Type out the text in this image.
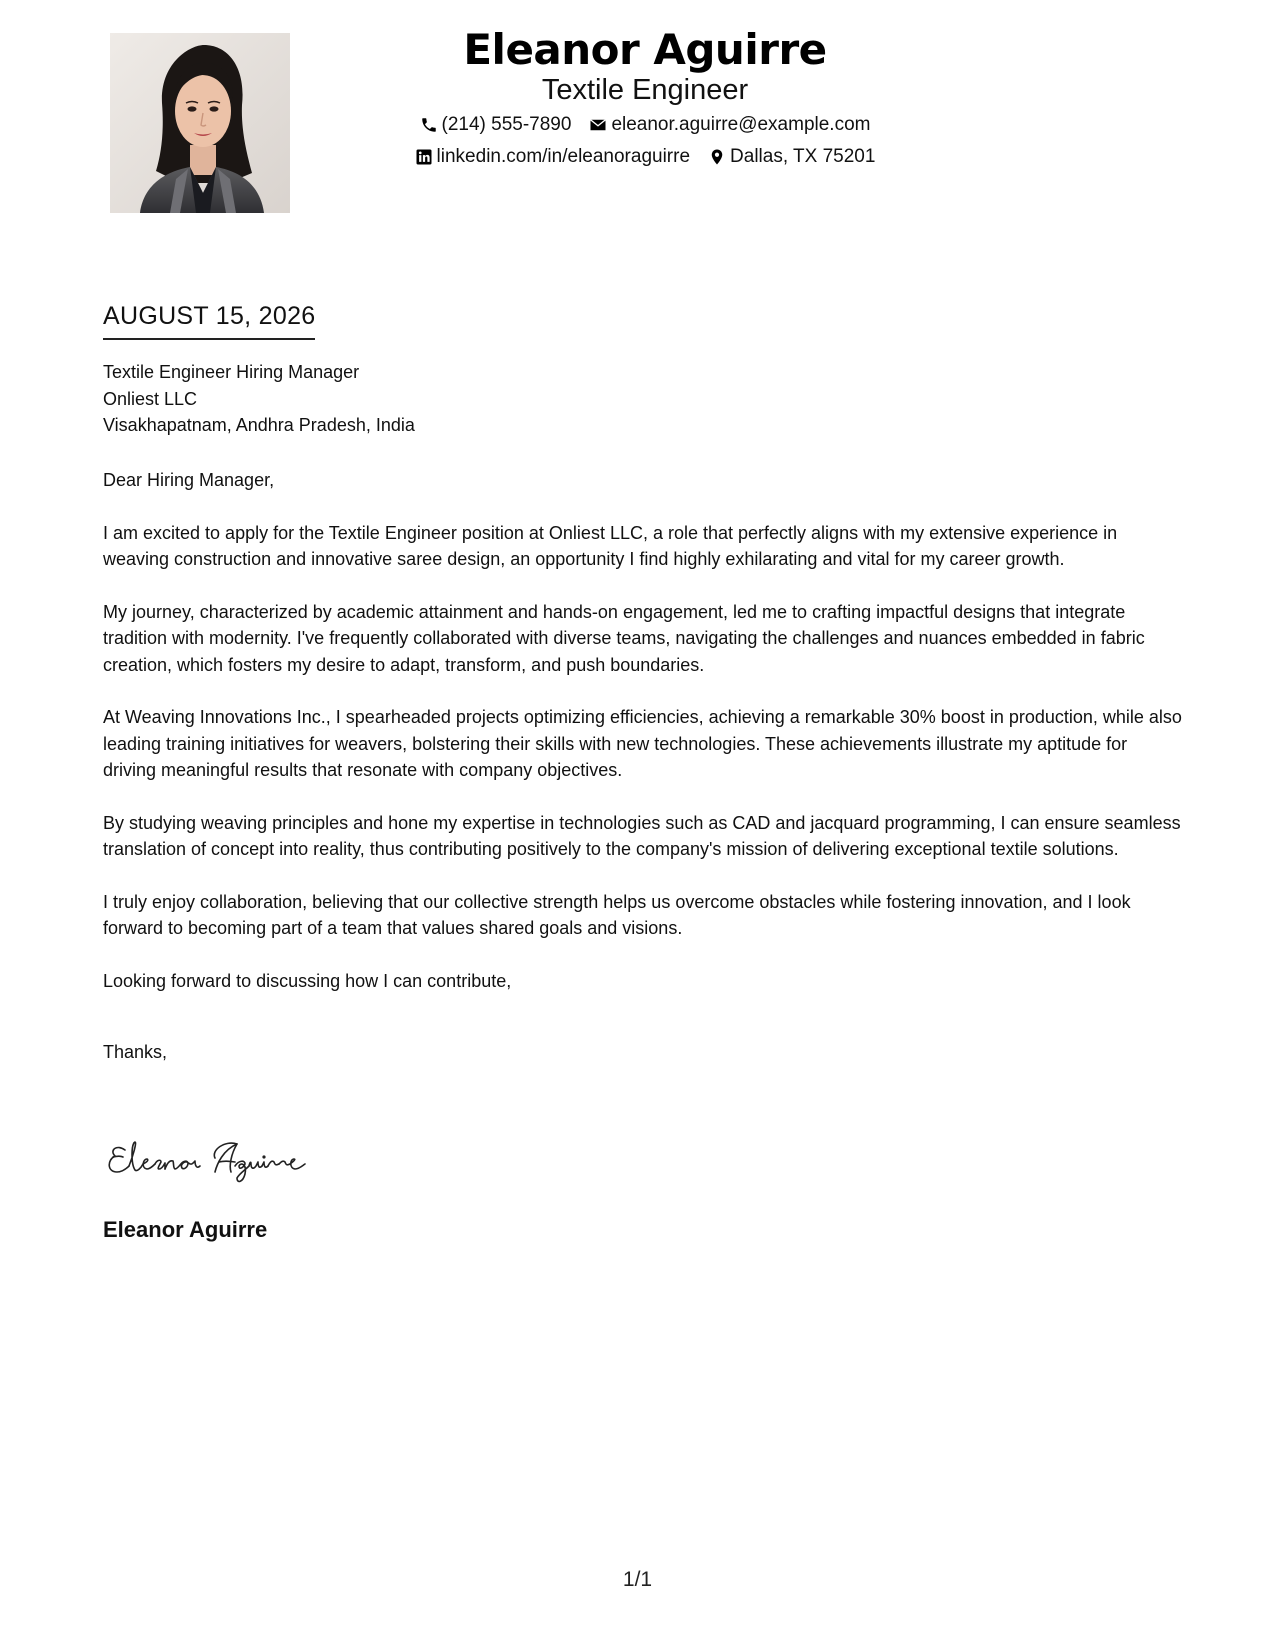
Eleanor Aguirre
Textile Engineer
(214) 555-7890 eleanor.aguirre@example.com
linkedin.com/in/eleanoraguirre Dallas, TX 75201
AUGUST 15, 2026
Textile Engineer Hiring Manager
Onliest LLC
Visakhapatnam, Andhra Pradesh, India

Dear Hiring Manager,

I am excited to apply for the Textile Engineer position at Onliest LLC, a role that perfectly aligns with my extensive experience in weaving construction and innovative saree design, an opportunity I find highly exhilarating and vital for my career growth.

My journey, characterized by academic attainment and hands-on engagement, led me to crafting impactful designs that integrate tradition with modernity. I've frequently collaborated with diverse teams, navigating the challenges and nuances embedded in fabric creation, which fosters my desire to adapt, transform, and push boundaries.

At Weaving Innovations Inc., I spearheaded projects optimizing efficiencies, achieving a remarkable 30% boost in production, while also leading training initiatives for weavers, bolstering their skills with new technologies. These achievements illustrate my aptitude for driving meaningful results that resonate with company objectives.

By studying weaving principles and hone my expertise in technologies such as CAD and jacquard programming, I can ensure seamless translation of concept into reality, thus contributing positively to the company's mission of delivering exceptional textile solutions.

I truly enjoy collaboration, believing that our collective strength helps us overcome obstacles while fostering innovation, and I look forward to becoming part of a team that values shared goals and visions.

Looking forward to discussing how I can contribute,

Thanks,

Eleanor Aguirre
1/1
